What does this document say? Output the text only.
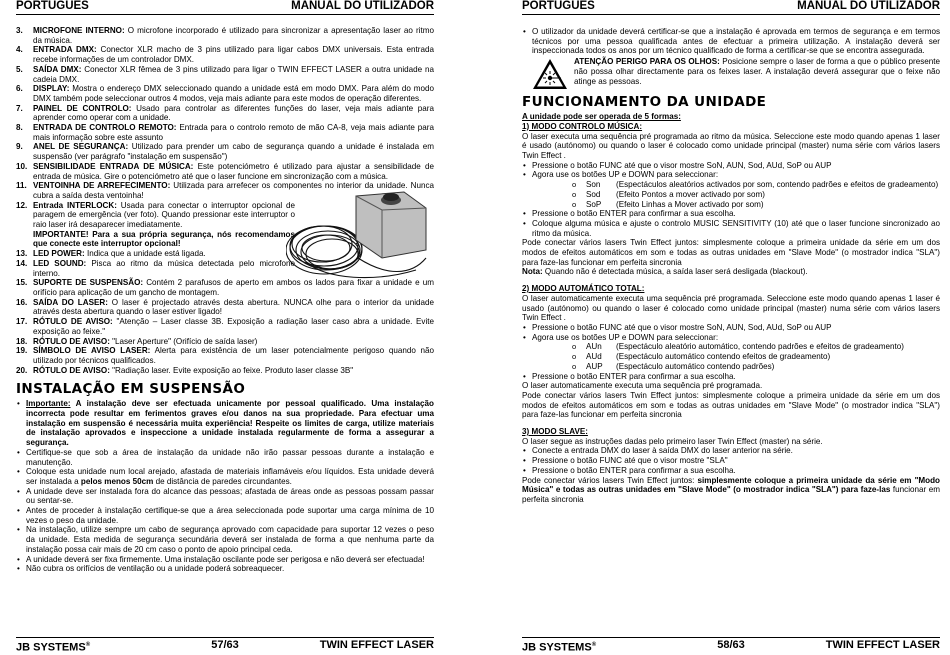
PORTUGUÊS	MANUAL DO UTILIZADOR
3. MICROFONE INTERNO: O microfone incorporado é utilizado para sincronizar a apresentação laser ao ritmo da música.
4. ENTRADA DMX: Conector XLR macho de 3 pins utilizado para ligar cabos DMX universais. Esta entrada recebe informações de um controlador DMX.
5. SAÍDA DMX: Conector XLR fêmea de 3 pins utilizado para ligar o TWIN EFFECT LASER a outra unidade na cadeia DMX.
6. DISPLAY: Mostra o endereço DMX seleccionado quando a unidade está em modo DMX. Para além do modo DMX também pode seleccionar outros 4 modos, veja mais adiante para este modos de operação diferentes.
7. PAINEL DE CONTROLO: Usado para controlar as diferentes funções do laser, veja mais adiante para aprender como operar com a unidade.
8. ENTRADA DE CONTROLO REMOTO: Entrada para o controlo remoto de mão CA-8, veja mais adiante para mais informação sobre este assunto
9. ANEL DE SEGURANÇA: Utilizado para prender um cabo de segurança quando a unidade é instalada em suspensão (ver parágrafo "instalação em suspensão")
10. SENSIBILIDADE ENTRADA DE MÚSICA: Este potenciómetro é utilizado para ajustar a sensibilidade de entrada de música. Gire o potenciómetro até que o laser funcione em sincronização com a música.
11. VENTOINHA DE ARREFECIMENTO: Utilizada para arrefecer os componentes no interior da unidade. Nunca cubra a saída desta ventoinha!
12. Entrada INTERLOCK: Usada para conectar o interruptor opcional de paragem de emergência (ver foto). Quando pressionar este interruptor o raio laser irá desaparecer imediatamente.
IMPORTANTE! Para a sua própria segurança, nós recomendamos que conecte este interruptor opcional!
13. LED POWER: Indica que a unidade está ligada.
14. LED SOUND: Pisca ao ritmo da música detectada pelo microfone interno.
15. SUPORTE DE SUSPENSÃO: Contém 2 parafusos de aperto em ambos os lados para fixar a unidade e um orifício para aplicação de um gancho de montagem.
16. SAÍDA DO LASER: O laser é projectado através desta abertura. NUNCA olhe para o interior da unidade através desta abertura quando o laser estiver ligado!
17. RÓTULO DE AVISO: "Atenção – Laser classe 3B. Exposição a radiação laser caso abra a unidade. Evite exposição ao feixe."
18. RÓTULO DE AVISO: "Laser Aperture" (Orifício de saída laser)
19. SÍMBOLO DE AVISO LASER: Alerta para existência de um laser potencialmente perigoso quando não utilizado por técnicos qualificados.
20. RÓTULO DE AVISO: "Radiação laser. Evite exposição ao feixe. Produto laser classe 3B"
INSTALAÇÃO EM SUSPENSÃO
• Importante: A instalação deve ser efectuada unicamente por pessoal qualificado. Uma instalação incorrecta pode resultar em ferimentos graves e/ou danos na sua propriedade. Para efectuar uma instalação em suspensão é necessária muita experiência! Respeite os limites de carga, utilize materiais de instalação aprovados e inspeccione a unidade instalada regularmente de forma a assegurar a segurança.
• Certifique-se que sob a área de instalação da unidade não irão passar pessoas durante a instalação e manutenção.
• Coloque esta unidade num local arejado, afastada de materiais inflamáveis e/ou líquidos. Esta unidade deverá ser instalada a pelos menos 50cm de distância de paredes circundantes.
• A unidade deve ser instalada fora do alcance das pessoas; afastada de áreas onde as pessoas possam passar ou sentar-se.
• Antes de proceder à instalação certifique-se que a área seleccionada pode suportar uma carga mínima de 10 vezes o peso da unidade.
• Na instalação, utilize sempre um cabo de segurança aprovado com capacidade para suportar 12 vezes o peso da unidade. Esta medida de segurança secundária deverá ser instalada de forma a que nenhuma parte da instalação possa cair mais de 20 cm caso o ponto de apoio principal ceda.
• A unidade deverá ser fixa firmemente. Uma instalação oscilante pode ser perigosa e não deverá ser efectuada!
• Não cubra os orifícios de ventilação ou a unidade poderá sobreaquecer.
JB SYSTEMS®	57/63	TWIN EFFECT LASER
PORTUGUÊS	MANUAL DO UTILIZADOR
• O utilizador da unidade deverá certificar-se que a instalação é aprovada em termos de segurança e em termos técnicos por uma pessoa qualificada antes de efectuar a primeira utilização. A instalação deverá ser inspeccionada todos os anos por um técnico qualificado de forma a certificar-se que se encontra assegurada.
ATENÇÃO PERIGO PARA OS OLHOS: Posicione sempre o laser de forma a que o público presente não possa olhar directamente para os feixes laser. A instalação deverá assegurar que o feixe não atinge as pessoas.
FUNCIONAMENTO DA UNIDADE
A unidade pode ser operada de 5 formas:
1) MODO CONTROLO MÚSICA:
O laser executa uma sequência pré programada ao ritmo da música. Seleccione este modo quando apenas 1 laser é usado (autónomo) ou quando o laser é colocado como unidade principal (master) numa série com vários lasers Twin Effect .
• Pressione o botão FUNC até que o visor mostre SoN, AUN, Sod, AUd, SoP ou AUP
• Agora use os botões UP e DOWN para seleccionar:
o Son (Espectáculos aleatórios activados por som, contendo padrões e efeitos de gradeamento)
o Sod (Efeito Pontos a mover activado por som)
o SoP (Efeito Linhas a Mover activado por som)
• Pressione o botão ENTER para confirmar a sua escolha.
• Coloque alguma música e ajuste o controlo MUSIC SENSITIVITY (10) até que o laser funcione sincronizado ao ritmo da música.
Pode conectar vários lasers Twin Effect juntos: simplesmente coloque a primeira unidade da série em um dos modos de efeitos automáticos em som e todas as outras unidades em "Slave Mode" (o mostrador indica "SLA") para faze-las funcionar em perfeita sincronia
Nota: Quando não é detectada música, a saída laser será desligada (blackout).
2) MODO AUTOMÁTICO TOTAL:
O laser automaticamente executa uma sequência pré programada. Seleccione este modo quando apenas 1 laser é usado (autónomo) ou quando o laser é colocado como unidade principal (master) numa série com vários lasers Twin Effect .
• Pressione o botão FUNC até que o visor mostre SoN, AUN, Sod, AUd, SoP ou AUP
• Agora use os botões UP e DOWN para seleccionar:
o AUn (Espectáculo aleatório automático, contendo padrões e efeitos de gradeamento)
o AUd (Espectáculo automático contendo efeitos de gradeamento)
o AUP (Espectáculo automático contendo padrões)
• Pressione o botão ENTER para confirmar a sua escolha.
O laser automaticamente executa uma sequência pré programada.
Pode conectar vários lasers Twin Effect juntos: simplesmente coloque a primeira unidade da série em um dos modos de efeitos automáticos em som e todas as outras unidades em "Slave Mode" (o mostrador indica "SLA") para faze-las funcionar em perfeita sincronia
3) MODO SLAVE:
O laser segue as instruções dadas pelo primeiro laser Twin Effect (master) na série.
• Conecte a entrada DMX do laser à saída DMX do laser anterior na série.
• Pressione o botão FUNC até que o visor mostre "SLA"
• Pressione o botão ENTER para confirmar a sua escolha.
Pode conectar vários lasers Twin Effect juntos: simplesmente coloque a primeira unidade da série em "Modo Música" e todas as outras unidades em "Slave Mode" (o mostrador indica "SLA") para faze-las funcionar em perfeita sincronia
JB SYSTEMS®	58/63	TWIN EFFECT LASER
